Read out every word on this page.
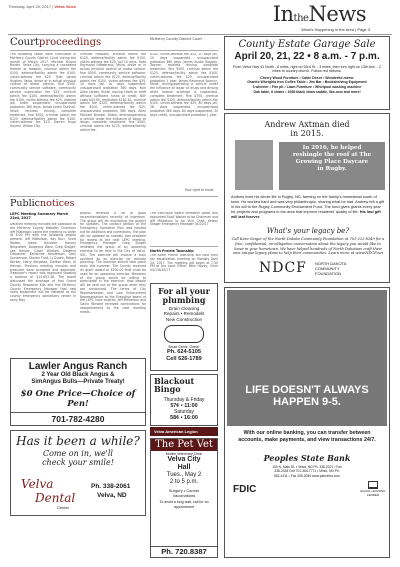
Thursday, April 20, 2017 | Velva Voice	IntheNews
What's Happening in the Area | Page 3
Courtproceedings	McHenry County District Court
The following cases were concluded in McHenry County District Court during the month of March 2017. Michael Duane Baxter, Velva City, carrying a concealed firearm or weapon, criminal admin fee $100, defense/facility admin fee $100, victim-witness fee $25. Tyler James Hughes, Velva, drove or in actual physical control of motor vehicle, fine $500, community service software, community service supervision fee $25, criminal admin fee $100, defense/facility admin fee $100, victim-witness fee $25, ordered jail, order suspended, unsupervised probation 360 days. James Justin Dunnell, Velva, reckless driving, complete treatment, fine $500, criminal admin fee $125, defense/facility admin fee $100, victim-witness fee $25. Darren Hugo Hoyme, Willow City.
criminal trespass, criminal admin fee $125, defense/facility admin fee $100, victim-witness fee $25, jail 10 days. Todd Raymond Hildebrand, Velva, drove or in actual physical control of motor vehicle, fine $500, community service software, criminal admin fee $125, defense/facility admin fee $100, victim-witness fee $25, 10 days jail, or days suspended, unsupervised probation 360 days. Kyle Allan Larsen, Butte, issuing check or draft without sufficient funds or credit, NSF costs $43.90, restitution $181.61, criminal admin fee $125, defense/facility admin fee $100, victim-witness fee $25, unsupervised probation 360 days. Allen Michael Skurdal, Drake, driving/operating a vehicle under the influence of liquor or drugs, complete treatment, fine $500, criminal admin fee $125, defense/facility admin fee.
$100, victim-witness fee $25, 10 days jail, 10 days suspended, unsupervised probation 360 days. James Austin Bogstie, Towner, reckless driving, complete treatment, fine $500, criminal admin fee $125, defense/facility admin fee $100, victim-witness fee $25, unsupervised probation 1 year. James Raymond Spenny, Minot, driving/operating a vehicle under the influence of liquor or drugs and driving while license privilege is suspended, complete treatment, fine $750, criminal admin fee $125, defense/facility admin fee $100, victim-witness fee $25, 60 days jail, 28 days suspended, unsupervised probation 360 days, 60 days suspended, 30 days credit, unsupervised probation 1 year.
Your right to know
Publicnotices
LEPC Meeting Summary March 23rd, 2017
Detailed meeting minutes are available at the McHenry County Website. Chairman Jeff Mikkelson called the meeting to order at 6:00 PM with the following people present: Jeff Mikkelson, Kay Burr, Scott Walker, Adam Haussler, Harvey Bergstrom, Dewayne Ward, Greg Skager, Lee Heisler, Gavin Wirsted, DeWeyn Carpenter, Katherine Henderson, Gary Gunderson, Sharon Thall, LJ Gusek, Robert Becker, Harry Bergstad, Gordon Wold, Al Hernon. Previous meeting minutes and treasurer were accepted and approved. Treasurer's report was approved showing a balance of $14,652.38. The board discussed the shortage of first Grand County Response Kits and the McHenry County Emergency Manager that new radio equipment will be installed at the county emergency operations center in early May.
project received a lot of good recommendations recently at Ingerman. The group will be monitoring the project for updates. The contact portion of the Emergency Operation Plan was handed out for additions and corrections. The plan will be updated as needed, and available for review at the next LEPC meeting. Emergency Manager Greg Skager reviewed the group of an upcoming exercise to be held in the City of Velva, 001. The exercise will involve a train accident as an exercise for tornado planning. The exercise should take place early this summer. The County received its grant award of $500.00 that must be used for an upcoming exercise. Members of the group would be willing to participate in the exercise. How people will be sent out to the group when they are announced. The terms of City Representation and Law Enforcement Representative to the Executive board of the LEPC have expired. Jeff Mikkelson and Gavin Wirsted received nominations for reappointment to the next meeting meets.
The Executive Board Members voted and appointed Scott Walker to be Chairman and Jeff Mikkelson to be Vice Chair. Kelsey Skager Emergency Manager 04/20/17
North Prairie Township
The North Prairie Township will hold their tax equalization meeting on Monday April 24, 2017. The meeting will begin at 7:30 PM at the Land Office. Mike Hovey, Clerk 04/13&20/17
For all your
plumbing
Drain Cleaning
Repairs • Remodels
New Construction
Bruce Grenz, Owner
Ph. 624-5105
Cell 626-1789
Blackout Bingo
Thursday & Friday
57¢ • 11:00
Saturday
58¢ • 16:00
Velva American Legion
Lawler Angus Ranch
2 Year Old Black Angus &
SimAngus Bulls—Private Treaty!
$0 One Price—Choice of Pen!
701-782-4280
Has it been a while?
Come on in, we'll
check your smile!
Velva
Dental
Center
Ph. 338-2061
Velva, ND
County Estate Garage Sale
April 20, 21, 22 • 8 a.m. - 7 p.m.
From Velva Hwy 41 North - 6 miles, right on 53rd St. - 3 miles, then turn right on 13th Ave. - 2 miles to country church. Follow red ribbons.
Cherry Wood Furniture • Cable Décor • Wonderful mirror
Granite Wheights Iron Coffee Table • Jim Bar • Bookshelving Equipment
3 wheeler • Fire pit • Lawn Furniture • Whirlpool washing machine
Oak table, 6 chairs • 1958 black shaw saddle, like-new and more!
Andrew Axtman died
in 2015.
In 2016, he helped
reshingle the roof at The
Growing Place Daycare
in Rugby.
Andrew lived his whole life in Rugby, ND, farming on the family's homestead south of town. He worked hard and was very philanthropic, sharing what he had. Andrew left a gift in his will to the Rugby Community Endowment Fund. The fund gives grants every year for projects and programs in the area that improve residents' quality of life. His last gift will last forever.
What's your legacy be?
Call Kara Geiger of the North Dakota Community Foundation at 701-222-8349 for a free, confidential, no-obligation conversation about the legacy you would like to leave in your hometown. We have helped hundreds of North Dakotans craft their own unique legacy plans to help their communities. Learn more at www.NDCF.net
NDCF NORTH DAKOTA
COMMUNITY
FOUNDATION
The Pet Vet
Mobile Veterinary Clinic
Velva City
Hall
Tues., May 2
2 to 5 p.m.
Surgery • Cancer
Vaccinations
To avoid a long wait, call for an appointment
Ph. 720.8387
LIFE DOESN'T ALWAYS
HAPPEN 9-5.
With our online banking, you can transfer between
accounts, make payments, and view transactions 24/7.
Peoples State Bank
100 N. Main St. • Velva, ND Ph. 338-2021 • Fax 338-2328 Cell 701-364-7771 • Minot, ND Ph. 852-4311 • Fax 338-2050 www.psbvelva.com
FDIC	EQUAL HOUSING LENDER
